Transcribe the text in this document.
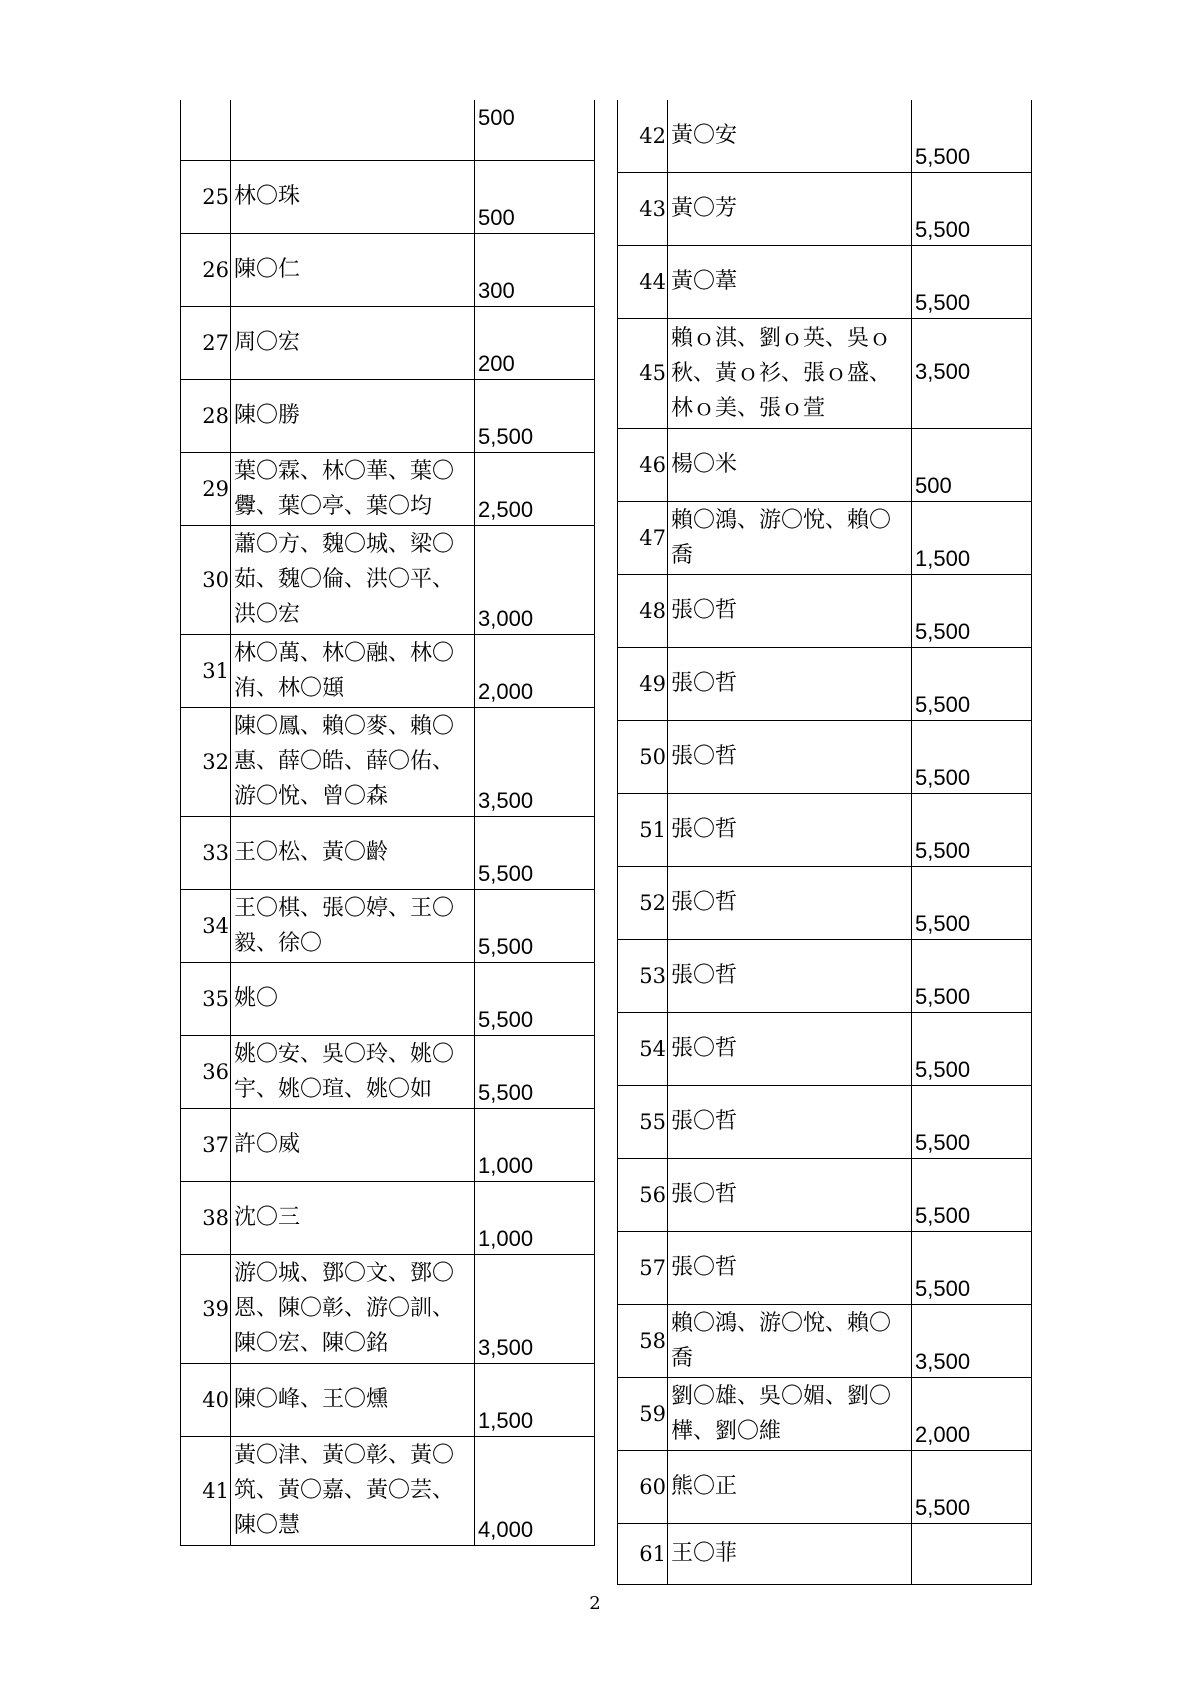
		500
25	林〇珠	500
26	陳〇仁	300
27	周〇宏	200
28	陳〇勝	5,500
29	葉〇霖、林〇華、葉〇釁、葉〇亭、葉〇均	2,500
30	蕭〇方、魏〇城、梁〇茹、魏〇倫、洪〇平、洪〇宏	3,000
31	林〇萬、林〇融、林〇洧、林〇頲	2,000
32	陳〇鳳、賴〇麥、賴〇惠、薛〇皓、薛〇佑、游〇悅、曾〇森	3,500
33	王〇松、黃〇齡	5,500
34	王〇棋、張〇婷、王〇毅、徐〇	5,500
35	姚〇	5,500
36	姚〇安、吳〇玲、姚〇宇、姚〇瑄、姚〇如	5,500
37	許〇威	1,000
38	沈〇三	1,000
39	游〇城、鄧〇文、鄧〇恩、陳〇彰、游〇訓、陳〇宏、陳〇銘	3,500
40	陳〇峰、王〇燻	1,500
41	黃〇津、黃〇彰、黃〇筑、黃〇嘉、黃〇芸、陳〇慧	4,000
42	黃〇安	5,500
43	黃〇芳	5,500
44	黃〇葦	5,500
45	賴ｏ淇、劉ｏ英、吳ｏ秋、黃ｏ衫、張ｏ盛、林ｏ美、張ｏ萱	3,500
46	楊〇米	500
47	賴〇鴻、游〇悅、賴〇喬	1,500
48	張〇哲	5,500
49	張〇哲	5,500
50	張〇哲	5,500
51	張〇哲	5,500
52	張〇哲	5,500
53	張〇哲	5,500
54	張〇哲	5,500
55	張〇哲	5,500
56	張〇哲	5,500
57	張〇哲	5,500
58	賴〇鴻、游〇悅、賴〇喬	3,500
59	劉〇雄、吳〇媚、劉〇樺、劉〇維	2,000
60	熊〇正	5,500
61	王〇菲	
2
